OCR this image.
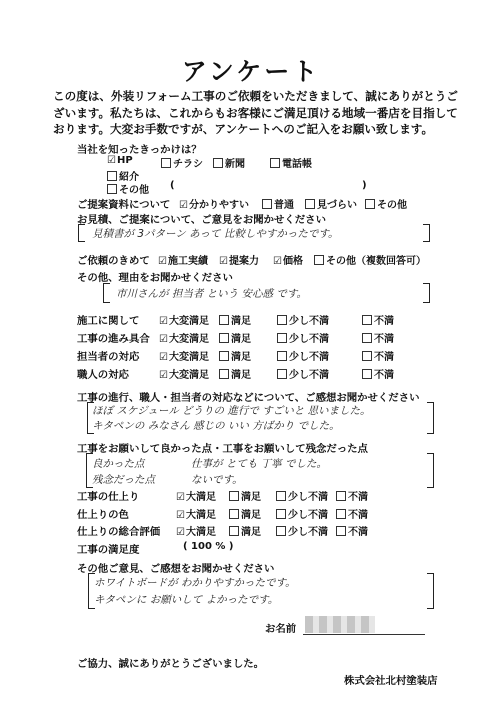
アンケート
この度は、外装リフォーム工事のご依頼をいただきまして、誠にありがとうございます。私たちは、これからもお客様にご満足頂ける地域一番店を目指しております。大変お手数ですが、アンケートへのご記入をお願い致します。
当社を知ったきっかけは？
☑ HP	チラシ	新聞	電話帳
紹介
その他 (	)
ご提案資料について	☑ 分かりやすい	普通	見づらい	その他
お見積、ご提案について、ご意見をお聞かせください
見積書が 3パターン あって 比較しやすかったです。
ご依頼のきめて	☑ 施工実績	☑ 提案力	☑ 価格	その他（複数回答可）
その他、理由をお聞かせください
市川さんが 担当者 という 安心感 です。
施工に関して	☑ 大変満足	満足	少し不満	不満
工事の進み具合	☑ 大変満足	満足	少し不満	不満
担当者の対応	☑ 大変満足	満足	少し不満	不満
職人の対応	☑ 大変満足	満足	少し不満	不満
工事の進行、職人・担当者の対応などについて、ご感想お聞かせください
ほぼ スケジュール どうりの 進行で すごいと 思いました。
キタペンの みなさん 感じの いい 方ばかり でした。
工事をお願いして良かった点・工事をお願いして残念だった点
良かった点	仕事が とても 丁寧 でした。
残念だった点	ないです。
工事の仕上り	☑ 大満足	満足	少し不満	不満
仕上りの色	☑ 大満足	満足	少し不満	不満
仕上りの総合評価	☑ 大満足	満足	少し不満	不満
工事の満足度	( 100 % )
その他ご意見、ご感想をお聞かせください
ホワイトボードが わかりやすかったです。
キタペンに お願いして よかったです。
お名前
ご協力、誠にありがとうございました。
株式会社北村塗装店
